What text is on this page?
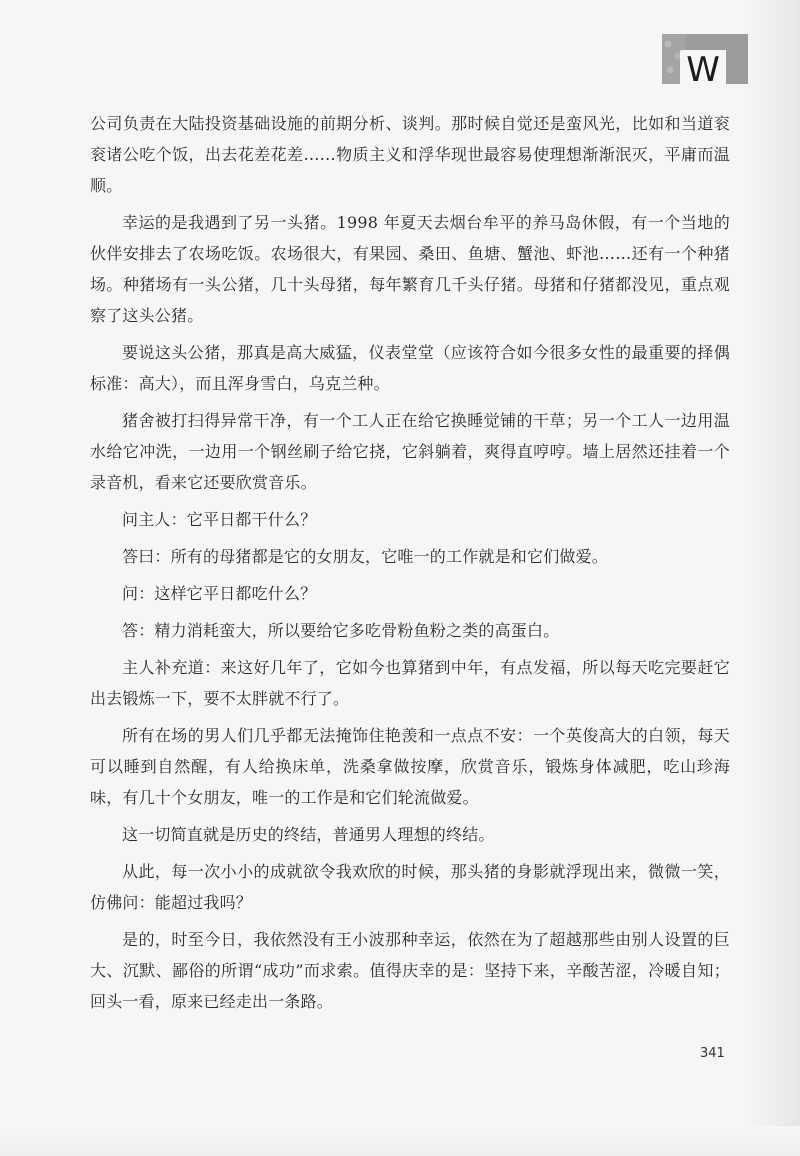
W

公司负责在大陆投资基础设施的前期分析、谈判。那时候自觉还是蛮风光，比如和当道衮衮诸公吃个饭，出去花差花差……物质主义和浮华现世最容易使理想渐渐泯灭，平庸而温顺。

幸运的是我遇到了另一头猪。1998 年夏天去烟台牟平的养马岛休假，有一个当地的伙伴安排去了农场吃饭。农场很大，有果园、桑田、鱼塘、蟹池、虾池……还有一个种猪场。种猪场有一头公猪，几十头母猪，每年繁育几千头仔猪。母猪和仔猪都没见，重点观察了这头公猪。

要说这头公猪，那真是高大威猛，仪表堂堂（应该符合如今很多女性的最重要的择偶标准：高大），而且浑身雪白，乌克兰种。

猪舍被打扫得异常干净，有一个工人正在给它换睡觉铺的干草；另一个工人一边用温水给它冲洗，一边用一个钢丝刷子给它挠，它斜躺着，爽得直哼哼。墙上居然还挂着一个录音机，看来它还要欣赏音乐。

问主人：它平日都干什么？

答曰：所有的母猪都是它的女朋友，它唯一的工作就是和它们做爱。

问：这样它平日都吃什么？

答：精力消耗蛮大，所以要给它多吃骨粉鱼粉之类的高蛋白。

主人补充道：来这好几年了，它如今也算猪到中年，有点发福，所以每天吃完要赶它出去锻炼一下，要不太胖就不行了。

所有在场的男人们几乎都无法掩饰住艳羡和一点点不安：一个英俊高大的白领，每天可以睡到自然醒，有人给换床单，洗桑拿做按摩，欣赏音乐，锻炼身体减肥，吃山珍海味，有几十个女朋友，唯一的工作是和它们轮流做爱。

这一切简直就是历史的终结，普通男人理想的终结。

从此，每一次小小的成就欲令我欢欣的时候，那头猪的身影就浮现出来，微微一笑，仿佛问：能超过我吗？

是的，时至今日，我依然没有王小波那种幸运，依然在为了超越那些由别人设置的巨大、沉默、鄙俗的所谓“成功”而求索。值得庆幸的是：坚持下来，辛酸苦涩，冷暖自知；回头一看，原来已经走出一条路。

341
